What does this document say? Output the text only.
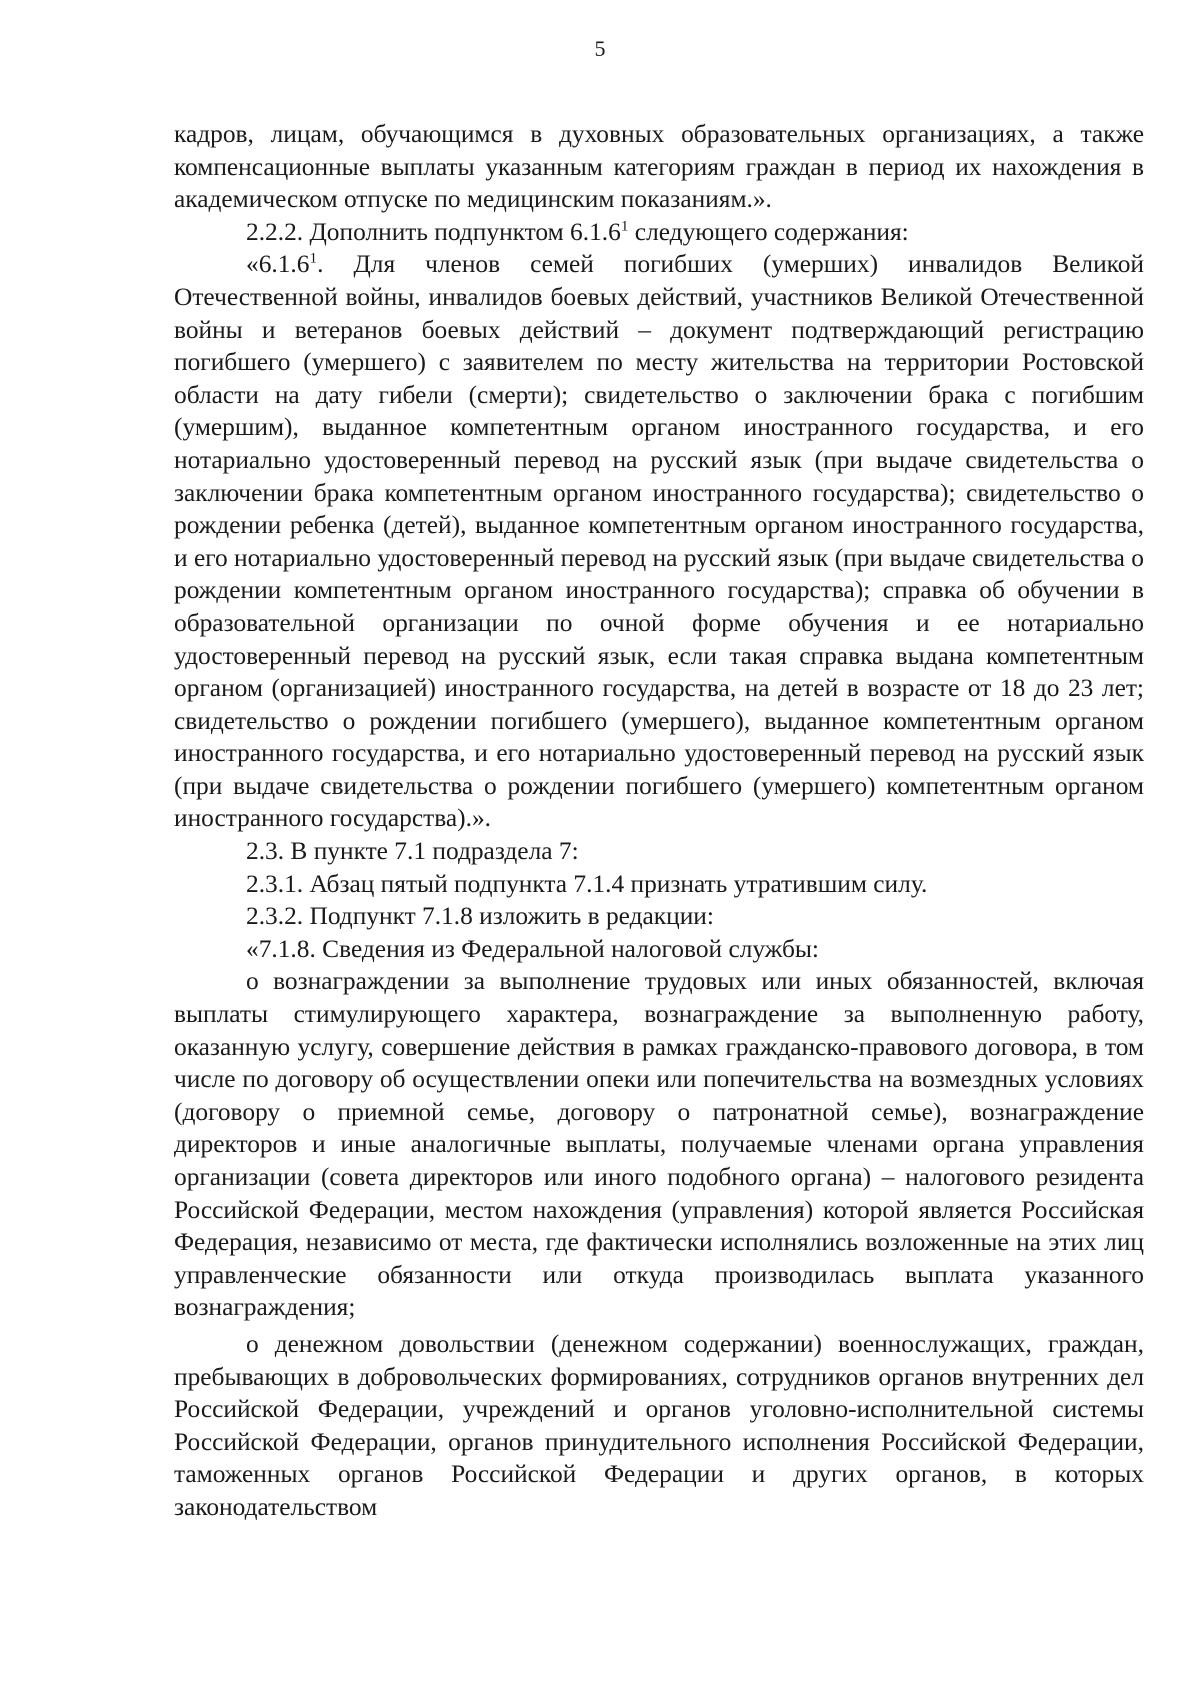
5

кадров, лицам, обучающимся в духовных образовательных организациях, а также компенсационные выплаты указанным категориям граждан в период их нахождения в академическом отпуске по медицинским показаниям.».

2.2.2. Дополнить подпунктом 6.1.6$^1$ следующего содержания:

«6.1.6$^1$. Для членов семей погибших (умерших) инвалидов Великой Отечественной войны, инвалидов боевых действий, участников Великой Отечественной войны и ветеранов боевых действий – документ подтверждающий регистрацию погибшего (умершего) с заявителем по месту жительства на территории Ростовской области на дату гибели (смерти); свидетельство о заключении брака с погибшим (умершим), выданное компетентным органом иностранного государства, и его нотариально удостоверенный перевод на русский язык (при выдаче свидетельства о заключении брака компетентным органом иностранного государства); свидетельство о рождении ребенка (детей), выданное компетентным органом иностранного государства, и его нотариально удостоверенный перевод на русский язык (при выдаче свидетельства о рождении компетентным органом иностранного государства); справка об обучении в образовательной организации по очной форме обучения и ее нотариально удостоверенный перевод на русский язык, если такая справка выдана компетентным органом (организацией) иностранного государства, на детей в возрасте от 18 до 23 лет; свидетельство о рождении погибшего (умершего), выданное компетентным органом иностранного государства, и его нотариально удостоверенный перевод на русский язык (при выдаче свидетельства о рождении погибшего (умершего) компетентным органом иностранного государства).».

2.3. В пункте 7.1 подраздела 7:

2.3.1. Абзац пятый подпункта 7.1.4 признать утратившим силу.

2.3.2. Подпункт 7.1.8 изложить в редакции:

«7.1.8. Сведения из Федеральной налоговой службы:

о вознаграждении за выполнение трудовых или иных обязанностей, включая выплаты стимулирующего характера, вознаграждение за выполненную работу, оказанную услугу, совершение действия в рамках гражданско-правового договора, в том числе по договору об осуществлении опеки или попечительства на возмездных условиях (договору о приемной семье, договору о патронатной семье), вознаграждение директоров и иные аналогичные выплаты, получаемые членами органа управления организации (совета директоров или иного подобного органа) – налогового резидента Российской Федерации, местом нахождения (управления) которой является Российская Федерация, независимо от места, где фактически исполнялись возложенные на этих лиц управленческие обязанности или откуда производилась выплата указанного вознаграждения;

о денежном довольствии (денежном содержании) военнослужащих, граждан, пребывающих в добровольческих формированиях, сотрудников органов внутренних дел Российской Федерации, учреждений и органов уголовно-исполнительной системы Российской Федерации, органов принудительного исполнения Российской Федерации, таможенных органов Российской Федерации и других органов, в которых законодательством
